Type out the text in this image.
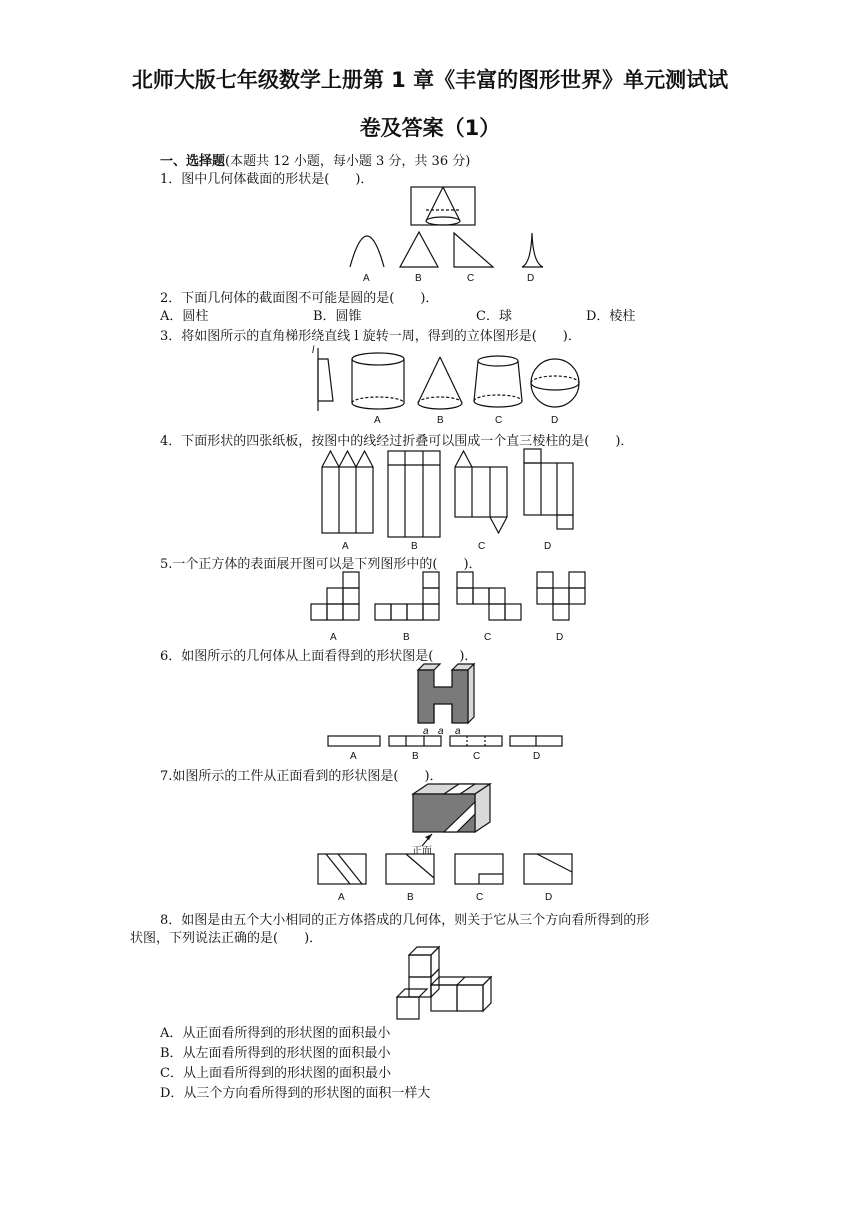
北师大版七年级数学上册第 1 章《丰富的图形世界》单元测试试
卷及答案（1）
一、选择题(本题共 12 小题，每小题 3 分，共 36 分)
1．图中几何体截面的形状是(　　)．
A	B	C	D
2．下面几何体的截面图不可能是圆的是(　　)．
A．圆柱	B．圆锥	C．球	D．棱柱
3．将如图所示的直角梯形绕直线 l 旋转一周，得到的立体图形是(　　)．
l
A	B	C	D
4．下面形状的四张纸板，按图中的线经过折叠可以围成一个直三棱柱的是(　　)．
A	B	C	D
5.一个正方体的表面展开图可以是下列图形中的(　　)．
A	B	C	D
6．如图所示的几何体从上面看得到的形状图是(　　)．
a a a
A	B	C	D
7.如图所示的工件从正面看到的形状图是(　　)．
正面
A	B	C	D
8．如图是由五个大小相同的正方体搭成的几何体，则关于它从三个方向看所得到的形
状图，下列说法正确的是(　　)．
A．从正面看所得到的形状图的面积最小
B．从左面看所得到的形状图的面积最小
C．从上面看所得到的形状图的面积最小
D．从三个方向看所得到的形状图的面积一样大
